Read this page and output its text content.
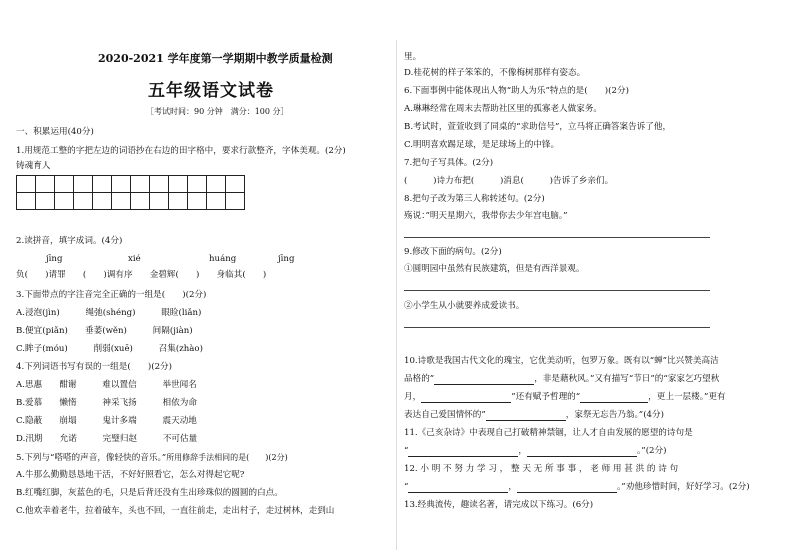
2020-2021 学年度第一学期期中教学质量检测
五年级语文试卷
［考试时间：90 分钟　满分：100 分］
一、积累运用(40分)
1.用规范工整的字把左边的词语抄在右边的田字格中，要求行款整齐，字体美观。(2分)
铸魂育人

2.读拼音，填字成词。(4分)
jīng	xié	huáng	jīng
负(　　)请罪　　(　　)调有序　　金碧辉(　　)　　身临其(　　)
3.下面带点的字注音完全正确的一组是(　　)(2分)
A.浸泡(jìn)　　　绳弛(shéng)　　　眼睑(liǎn)
B.便宜(piǎn)　　垂萎(wěn)　　　间隔(jiàn)
C.眸子(móu)　　　削弱(xuē)　　　召集(zhào)
4.下列词语书写有误的一组是(　　)(2分)
A.思惠　　酣谢　　　难以置信　　　举世闻名
B.爱慕　　懒惰　　　神采飞扬　　　相依为命
C.隐蔽　　崩塌　　　鬼计多端　　　震天动地
D.汛期　　允诺　　　完璧归赵　　　不可估量
5.下列与“嗒嗒的声音，像轻快的音乐。”所用修辞手法相同的是(　　)(2分)
A.牛那么勤勤恳恳地干活，不好好照看它，怎么对得起它呢?
B.红嘴红脚，灰蓝色的毛，只是后背还没有生出珍珠似的圆圆的白点。
C.他欢幸着老牛，拉着破车，头也不回，一直往前走，走出村子，走过树林，走到山
里。
D.桂花树的样子笨笨的，不像梅树那样有姿态。
6.下面事例中能体现出人物“助人为乐”特点的是(　　)(2分)
A.琳琳经常在周末去帮助社区里的孤寡老人做家务。
B.考试时，萱萱收到了同桌的“求助信号”，立马将正确答案告诉了他，
C.明明喜欢踢足球，是足球场上的中锋。
7.把句子写具体。(2分)
(　　　)诗力布把(　　　)消息(　　　)告诉了乡亲们。
8.把句子改为第三人称转述句。(2分)
殇说：”明天星期六，我带你去少年宫电脑。”
9.修改下面的病句。(2分)
①圆明园中虽然有民族建筑，但是有西洋景观。
②小学生从小就要养成爱读书。
10.诗歌是我国古代文化的瑰宝，它优美动听，包罗万象。既有以“蝉”比兴赞美高洁
品格的”	，非是藉秋风。”又有描写“节日”的“家家乞巧望秋
月，	”还有赋予哲理的“	，更上一层楼。”更有
表达自己爱国情怀的”	，家祭无忘告乃翁。”(4分)
11.《己亥杂诗》中表现自己打破精神禁锢，让人才自由发展的愿望的诗句是
“	，	。”(2分)
12. 小 明 不 努 力 学 习 ， 整 天 无 所 事 事 ， 老 师 用 甚 洪 的 诗 句
“	，	。”劝他珍惜时间，好好学习。(2分)
13.经典流传，趣读名著，请完成以下练习。(6分)
